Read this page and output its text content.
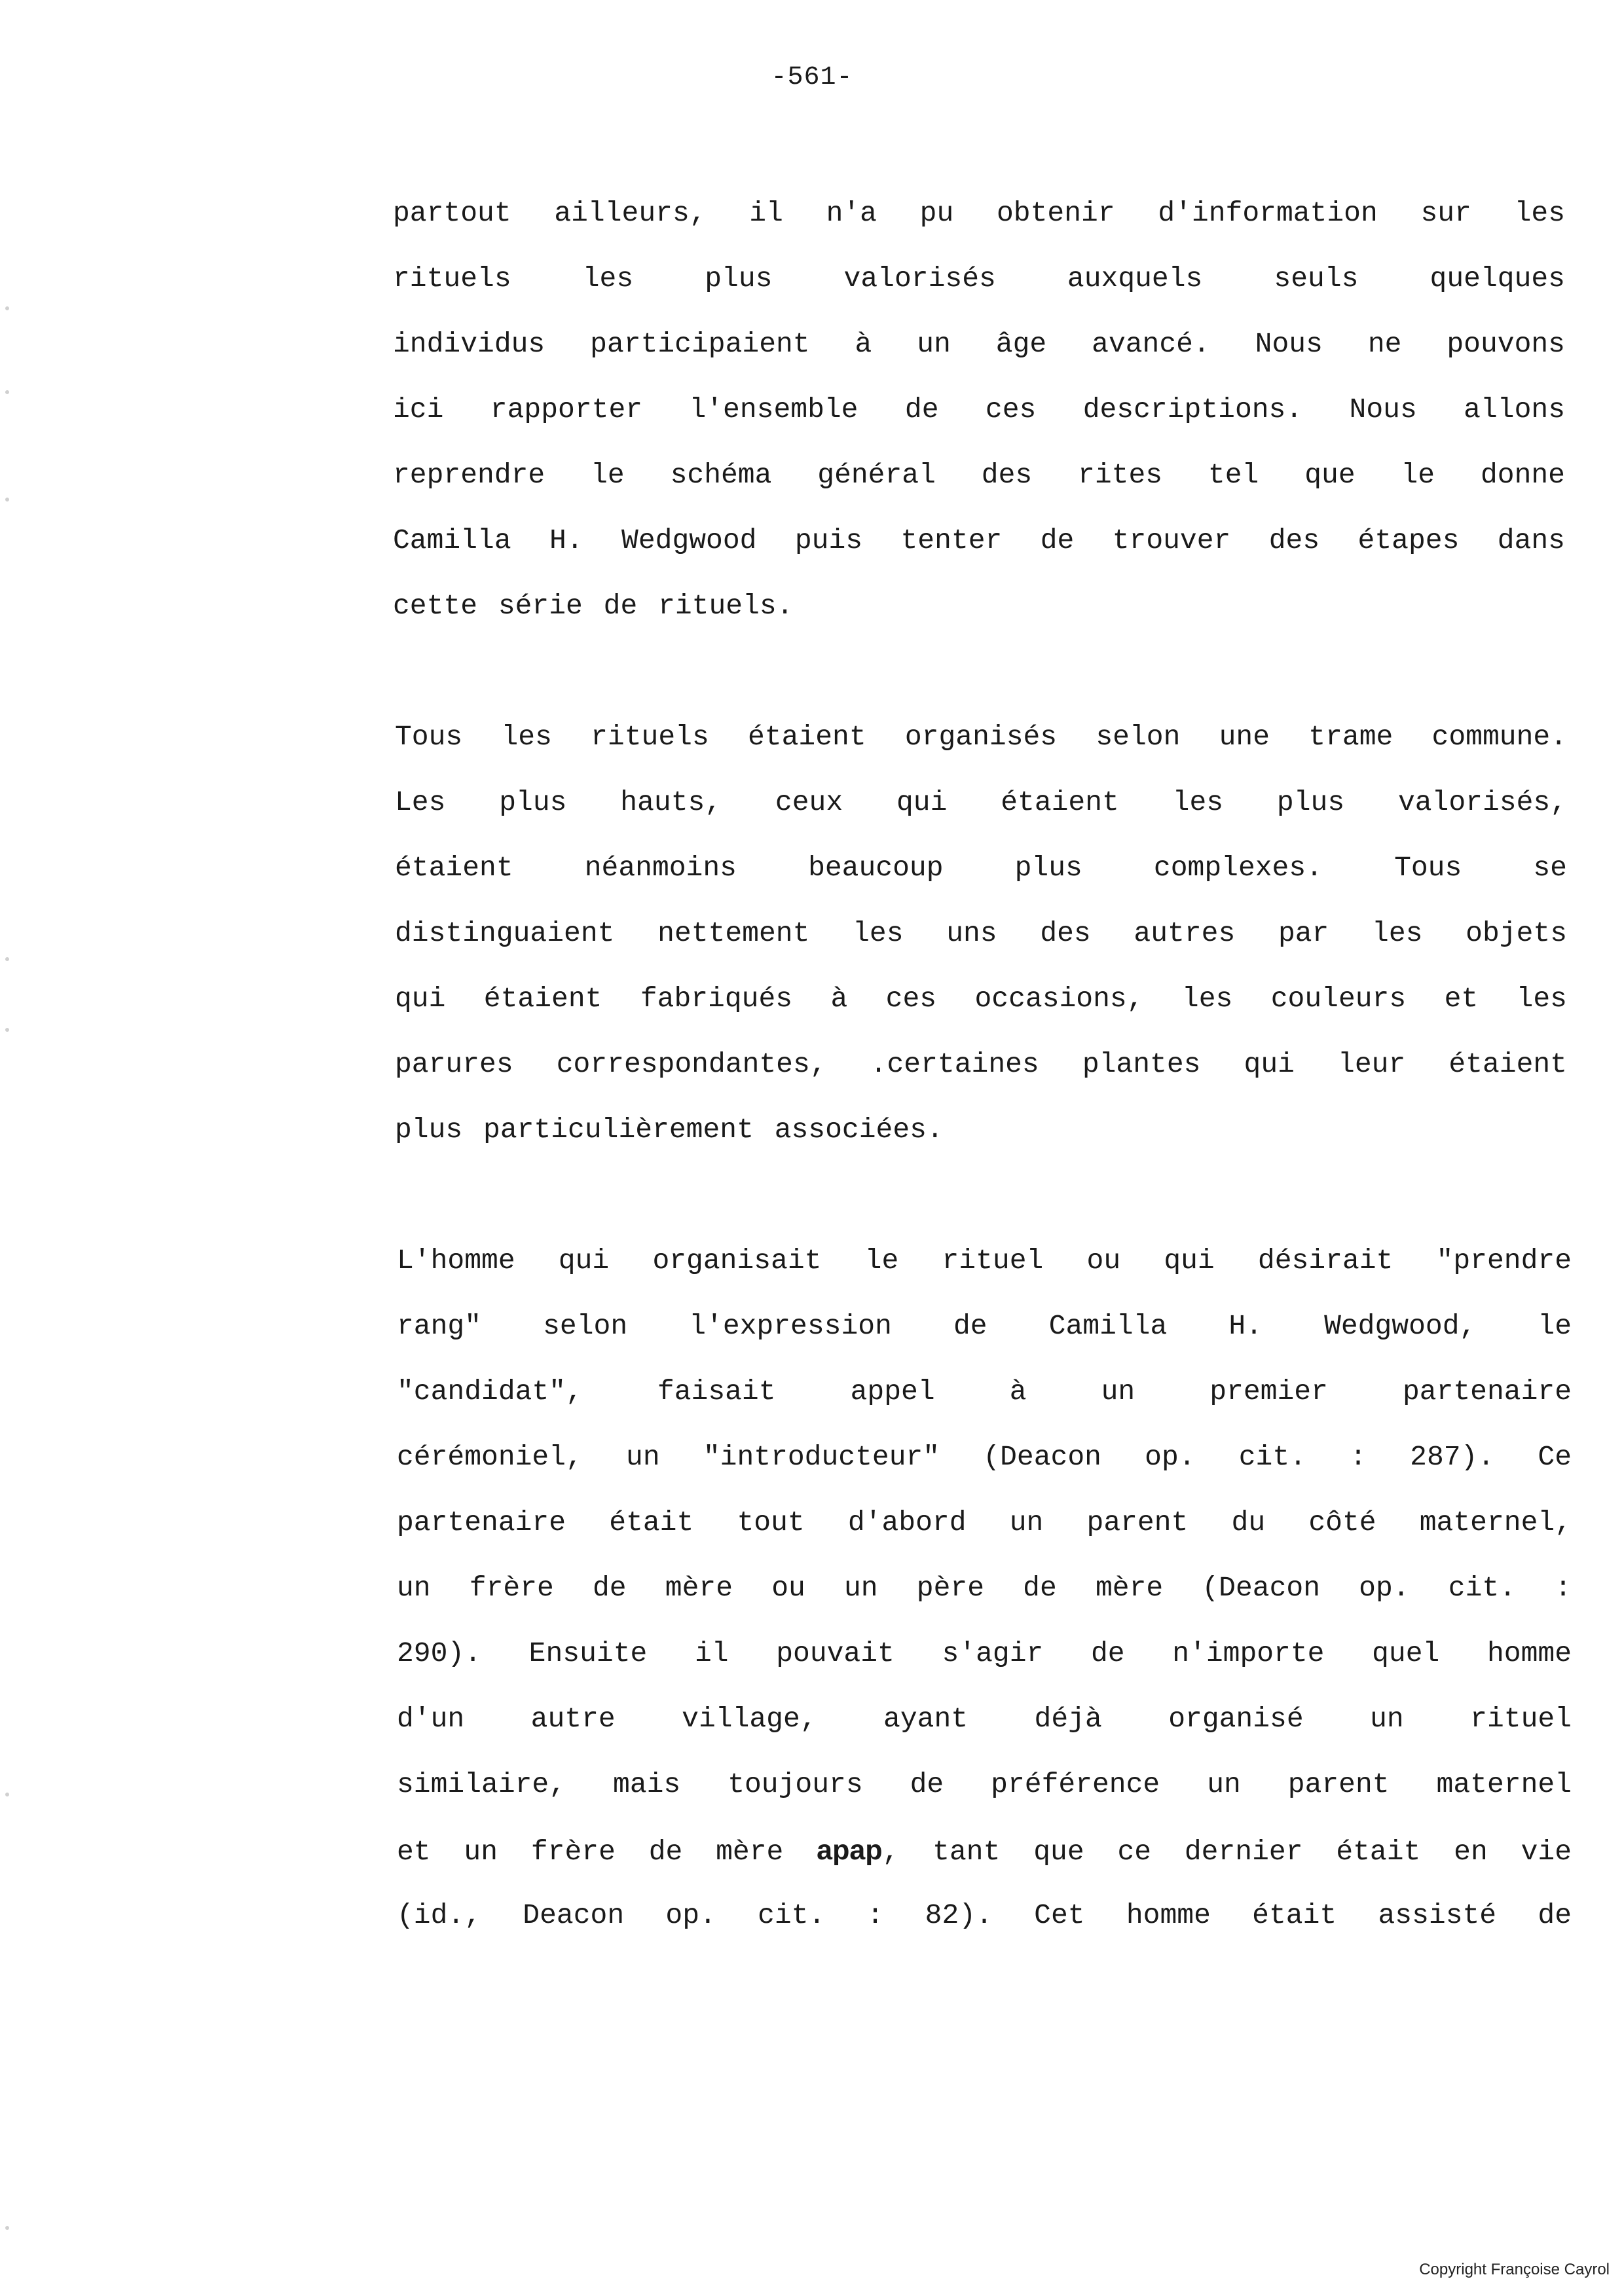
-561-
partout ailleurs, il n'a pu obtenir d'information sur les
rituels les plus valorisés auxquels seuls quelques
individus participaient à un âge avancé. Nous ne pouvons
ici rapporter l'ensemble de ces descriptions. Nous allons
reprendre le schéma général des rites tel que le donne
Camilla H. Wedgwood puis tenter de trouver des étapes dans
cette série de rituels.
Tous les rituels étaient organisés selon une trame commune.
Les plus hauts, ceux qui étaient les plus valorisés,
étaient néanmoins beaucoup plus complexes. Tous se
distinguaient nettement les uns des autres par les objets
qui étaient fabriqués à ces occasions, les couleurs et les
parures correspondantes, .certaines plantes qui leur étaient
plus particulièrement associées.
L'homme qui organisait le rituel ou qui désirait "prendre
rang" selon l'expression de Camilla H. Wedgwood, le
"candidat", faisait appel à un premier partenaire
cérémoniel, un "introducteur" (Deacon op. cit. : 287). Ce
partenaire était tout d'abord un parent du côté maternel,
un frère de mère ou un père de mère (Deacon op. cit. :
290). Ensuite il pouvait s'agir de n'importe quel homme
d'un autre village, ayant déjà organisé un rituel
similaire, mais toujours de préférence un parent maternel
et un frère de mère apap, tant que ce dernier était en vie
(id., Deacon op. cit. : 82). Cet homme était assisté de
Copyright Françoise Cayrol
